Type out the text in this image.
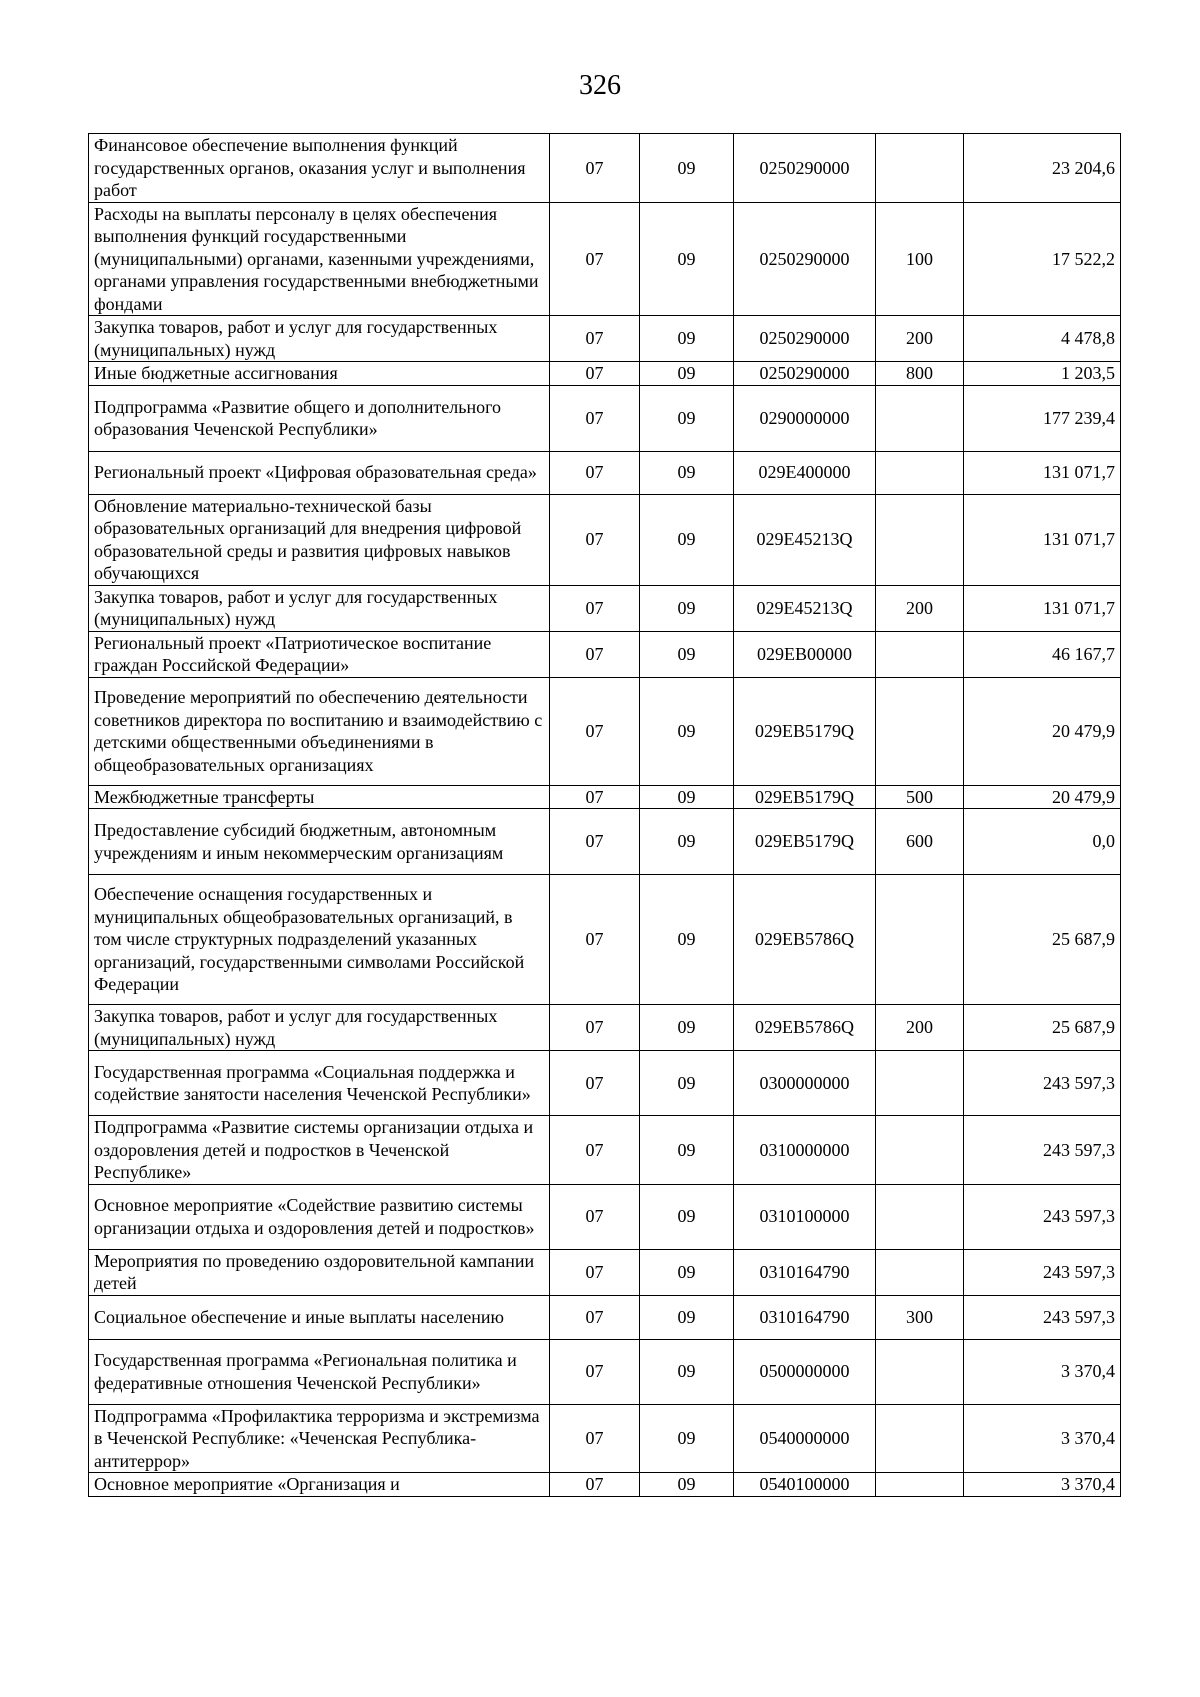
326
Финансовое обеспечение выполнения функций государственных органов, оказания услуг и выполнения работ	07	09	0250290000		23 204,6
Расходы на выплаты персоналу в целях обеспечения выполнения функций государственными (муниципальными) органами, казенными учреждениями, органами управления государственными внебюджетными фондами	07	09	0250290000	100	17 522,2
Закупка товаров, работ и услуг для государственных (муниципальных) нужд	07	09	0250290000	200	4 478,8
Иные бюджетные ассигнования	07	09	0250290000	800	1 203,5
Подпрограмма «Развитие общего и дополнительного образования Чеченской Республики»	07	09	0290000000		177 239,4
Региональный проект «Цифровая образовательная среда»	07	09	029E400000		131 071,7
Обновление материально-технической базы образовательных организаций для внедрения цифровой образовательной среды и развития цифровых навыков обучающихся	07	09	029E45213Q		131 071,7
Закупка товаров, работ и услуг для государственных (муниципальных) нужд	07	09	029E45213Q	200	131 071,7
Региональный проект «Патриотическое воспитание граждан Российской Федерации»	07	09	029EB00000		46 167,7
Проведение мероприятий по обеспечению деятельности советников директора по воспитанию и взаимодействию с детскими общественными объединениями в общеобразовательных организациях	07	09	029EB5179Q		20 479,9
Межбюджетные трансферты	07	09	029EB5179Q	500	20 479,9
Предоставление субсидий бюджетным, автономным учреждениям и иным некоммерческим организациям	07	09	029EB5179Q	600	0,0
Обеспечение оснащения государственных и муниципальных общеобразовательных организаций, в том числе структурных подразделений указанных организаций, государственными символами Российской Федерации	07	09	029EB5786Q		25 687,9
Закупка товаров, работ и услуг для государственных (муниципальных) нужд	07	09	029EB5786Q	200	25 687,9
Государственная программа «Социальная поддержка и содействие занятости населения Чеченской Республики»	07	09	0300000000		243 597,3
Подпрограмма «Развитие системы организации отдыха и оздоровления детей и подростков в Чеченской Республике»	07	09	0310000000		243 597,3
Основное мероприятие «Содействие развитию системы организации отдыха и оздоровления детей и подростков»	07	09	0310100000		243 597,3
Мероприятия по проведению оздоровительной кампании детей	07	09	0310164790		243 597,3
Социальное обеспечение и иные выплаты населению	07	09	0310164790	300	243 597,3
Государственная программа «Региональная политика и федеративные отношения Чеченской Республики»	07	09	0500000000		3 370,4
Подпрограмма «Профилактика терроризма и экстремизма в Чеченской Республике: «Чеченская Республика-антитеррор»	07	09	0540000000		3 370,4
Основное мероприятие «Организация и	07	09	0540100000		3 370,4
